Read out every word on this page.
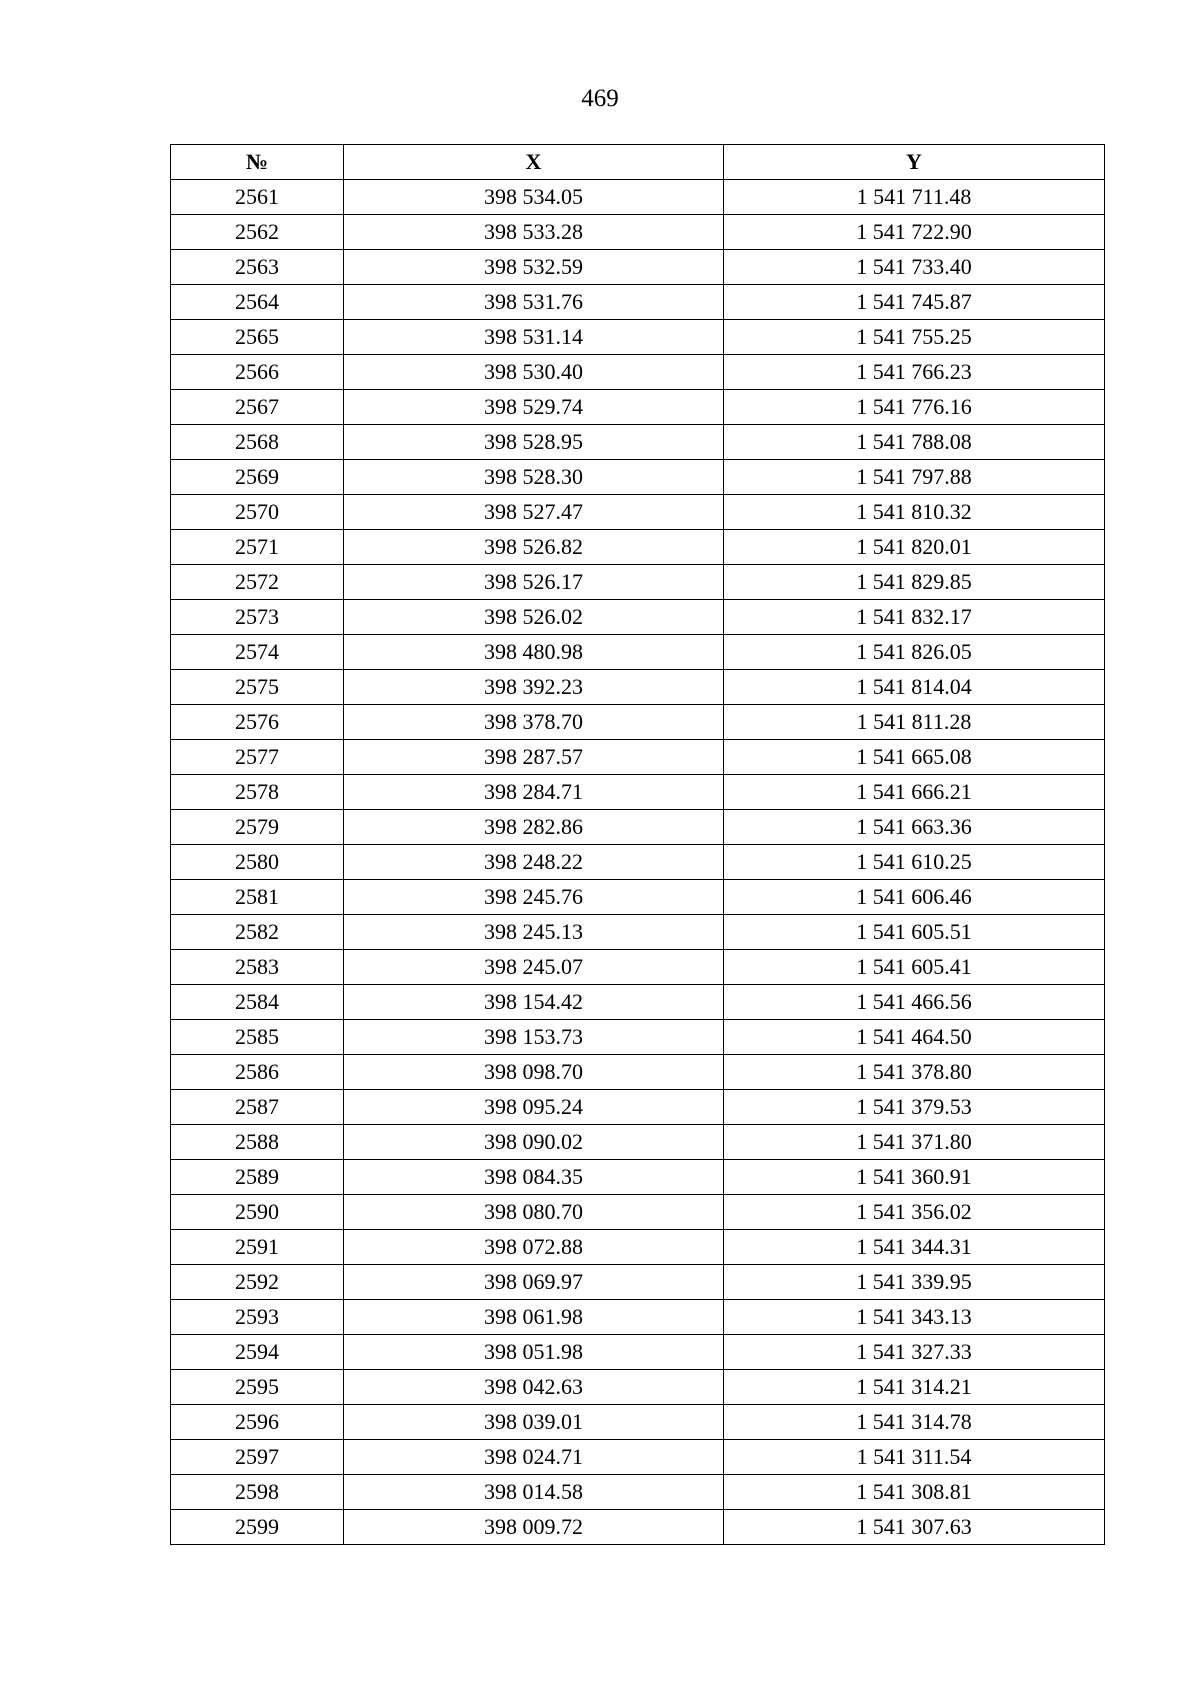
469
№	X	Y
2561	398 534.05	1 541 711.48
2562	398 533.28	1 541 722.90
2563	398 532.59	1 541 733.40
2564	398 531.76	1 541 745.87
2565	398 531.14	1 541 755.25
2566	398 530.40	1 541 766.23
2567	398 529.74	1 541 776.16
2568	398 528.95	1 541 788.08
2569	398 528.30	1 541 797.88
2570	398 527.47	1 541 810.32
2571	398 526.82	1 541 820.01
2572	398 526.17	1 541 829.85
2573	398 526.02	1 541 832.17
2574	398 480.98	1 541 826.05
2575	398 392.23	1 541 814.04
2576	398 378.70	1 541 811.28
2577	398 287.57	1 541 665.08
2578	398 284.71	1 541 666.21
2579	398 282.86	1 541 663.36
2580	398 248.22	1 541 610.25
2581	398 245.76	1 541 606.46
2582	398 245.13	1 541 605.51
2583	398 245.07	1 541 605.41
2584	398 154.42	1 541 466.56
2585	398 153.73	1 541 464.50
2586	398 098.70	1 541 378.80
2587	398 095.24	1 541 379.53
2588	398 090.02	1 541 371.80
2589	398 084.35	1 541 360.91
2590	398 080.70	1 541 356.02
2591	398 072.88	1 541 344.31
2592	398 069.97	1 541 339.95
2593	398 061.98	1 541 343.13
2594	398 051.98	1 541 327.33
2595	398 042.63	1 541 314.21
2596	398 039.01	1 541 314.78
2597	398 024.71	1 541 311.54
2598	398 014.58	1 541 308.81
2599	398 009.72	1 541 307.63
